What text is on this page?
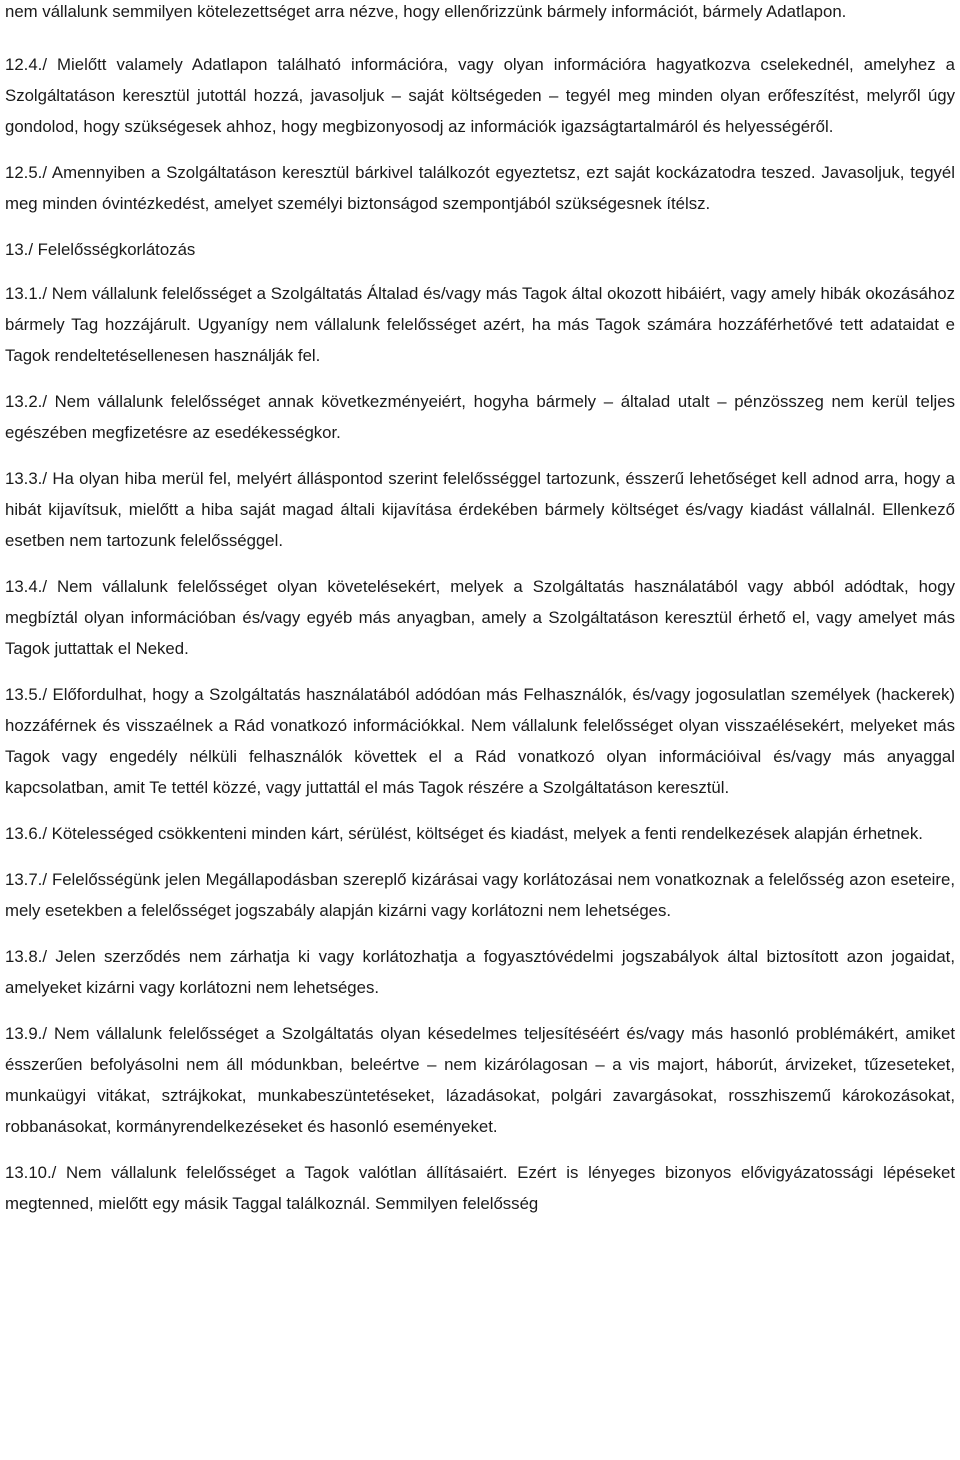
nem vállalunk semmilyen kötelezettséget arra nézve, hogy ellenőrizzünk bármely információt, bármely Adatlapon.

12.4./ Mielőtt valamely Adatlapon található információra, vagy olyan információra hagyatkozva cselekednél, amelyhez a Szolgáltatáson keresztül jutottál hozzá, javasoljuk – saját költségeden – tegyél meg minden olyan erőfeszítést, melyről úgy gondolod, hogy szükségesek ahhoz, hogy megbizonyosodj az információk igazságtartalmáról és helyességéről.

12.5./ Amennyiben a Szolgáltatáson keresztül bárkivel találkozót egyeztetsz, ezt saját kockázatodra teszed. Javasoljuk, tegyél meg minden óvintézkedést, amelyet személyi biztonságod szempontjából szükségesnek ítélsz.

13./ Felelősségkorlátozás

13.1./ Nem vállalunk felelősséget a Szolgáltatás Általad és/vagy más Tagok által okozott hibáiért, vagy amely hibák okozásához bármely Tag hozzájárult. Ugyanígy nem vállalunk felelősséget azért, ha más Tagok számára hozzáférhetővé tett adataidat e Tagok rendeltetésellenesen használják fel.

13.2./ Nem vállalunk felelősséget annak következményeiért, hogyha bármely – általad utalt – pénzösszeg nem kerül teljes egészében megfizetésre az esedékességkor.

13.3./ Ha olyan hiba merül fel, melyért álláspontod szerint felelősséggel tartozunk, ésszerű lehetőséget kell adnod arra, hogy a hibát kijavítsuk, mielőtt a hiba saját magad általi kijavítása érdekében bármely költséget és/vagy kiadást vállalnál. Ellenkező esetben nem tartozunk felelősséggel.

13.4./ Nem vállalunk felelősséget olyan követelésekért, melyek a Szolgáltatás használatából vagy abból adódtak, hogy megbíztál olyan információban és/vagy egyéb más anyagban, amely a Szolgáltatáson keresztül érhető el, vagy amelyet más Tagok juttattak el Neked.

13.5./ Előfordulhat, hogy a Szolgáltatás használatából adódóan más Felhasználók, és/vagy jogosulatlan személyek (hackerek) hozzáférnek és visszaélnek a Rád vonatkozó információkkal. Nem vállalunk felelősséget olyan visszaélésekért, melyeket más Tagok vagy engedély nélküli felhasználók követtek el a Rád vonatkozó olyan információival és/vagy más anyaggal kapcsolatban, amit Te tettél közzé, vagy juttattál el más Tagok részére a Szolgáltatáson keresztül.

13.6./ Kötelességed csökkenteni minden kárt, sérülést, költséget és kiadást, melyek a fenti rendelkezések alapján érhetnek.

13.7./ Felelősségünk jelen Megállapodásban szereplő kizárásai vagy korlátozásai nem vonatkoznak a felelősség azon eseteire, mely esetekben a felelősséget jogszabály alapján kizárni vagy korlátozni nem lehetséges.

13.8./ Jelen szerződés nem zárhatja ki vagy korlátozhatja a fogyasztóvédelmi jogszabályok által biztosított azon jogaidat, amelyeket kizárni vagy korlátozni nem lehetséges.

13.9./ Nem vállalunk felelősséget a Szolgáltatás olyan késedelmes teljesítéséért és/vagy más hasonló problémákért, amiket ésszerűen befolyásolni nem áll módunkban, beleértve – nem kizárólagosan – a vis majort, háborút, árvizeket, tűzeseteket, munkaügyi vitákat, sztrájkokat, munkabeszüntetéseket, lázadásokat, polgári zavargásokat, rosszhiszemű károkozásokat, robbanásokat, kormányrendelkezéseket és hasonló eseményeket.

13.10./ Nem vállalunk felelősséget a Tagok valótlan állításaiért. Ezért is lényeges bizonyos elővigyázatossági lépéseket megtenned, mielőtt egy másik Taggal találkoznál. Semmilyen felelősség
